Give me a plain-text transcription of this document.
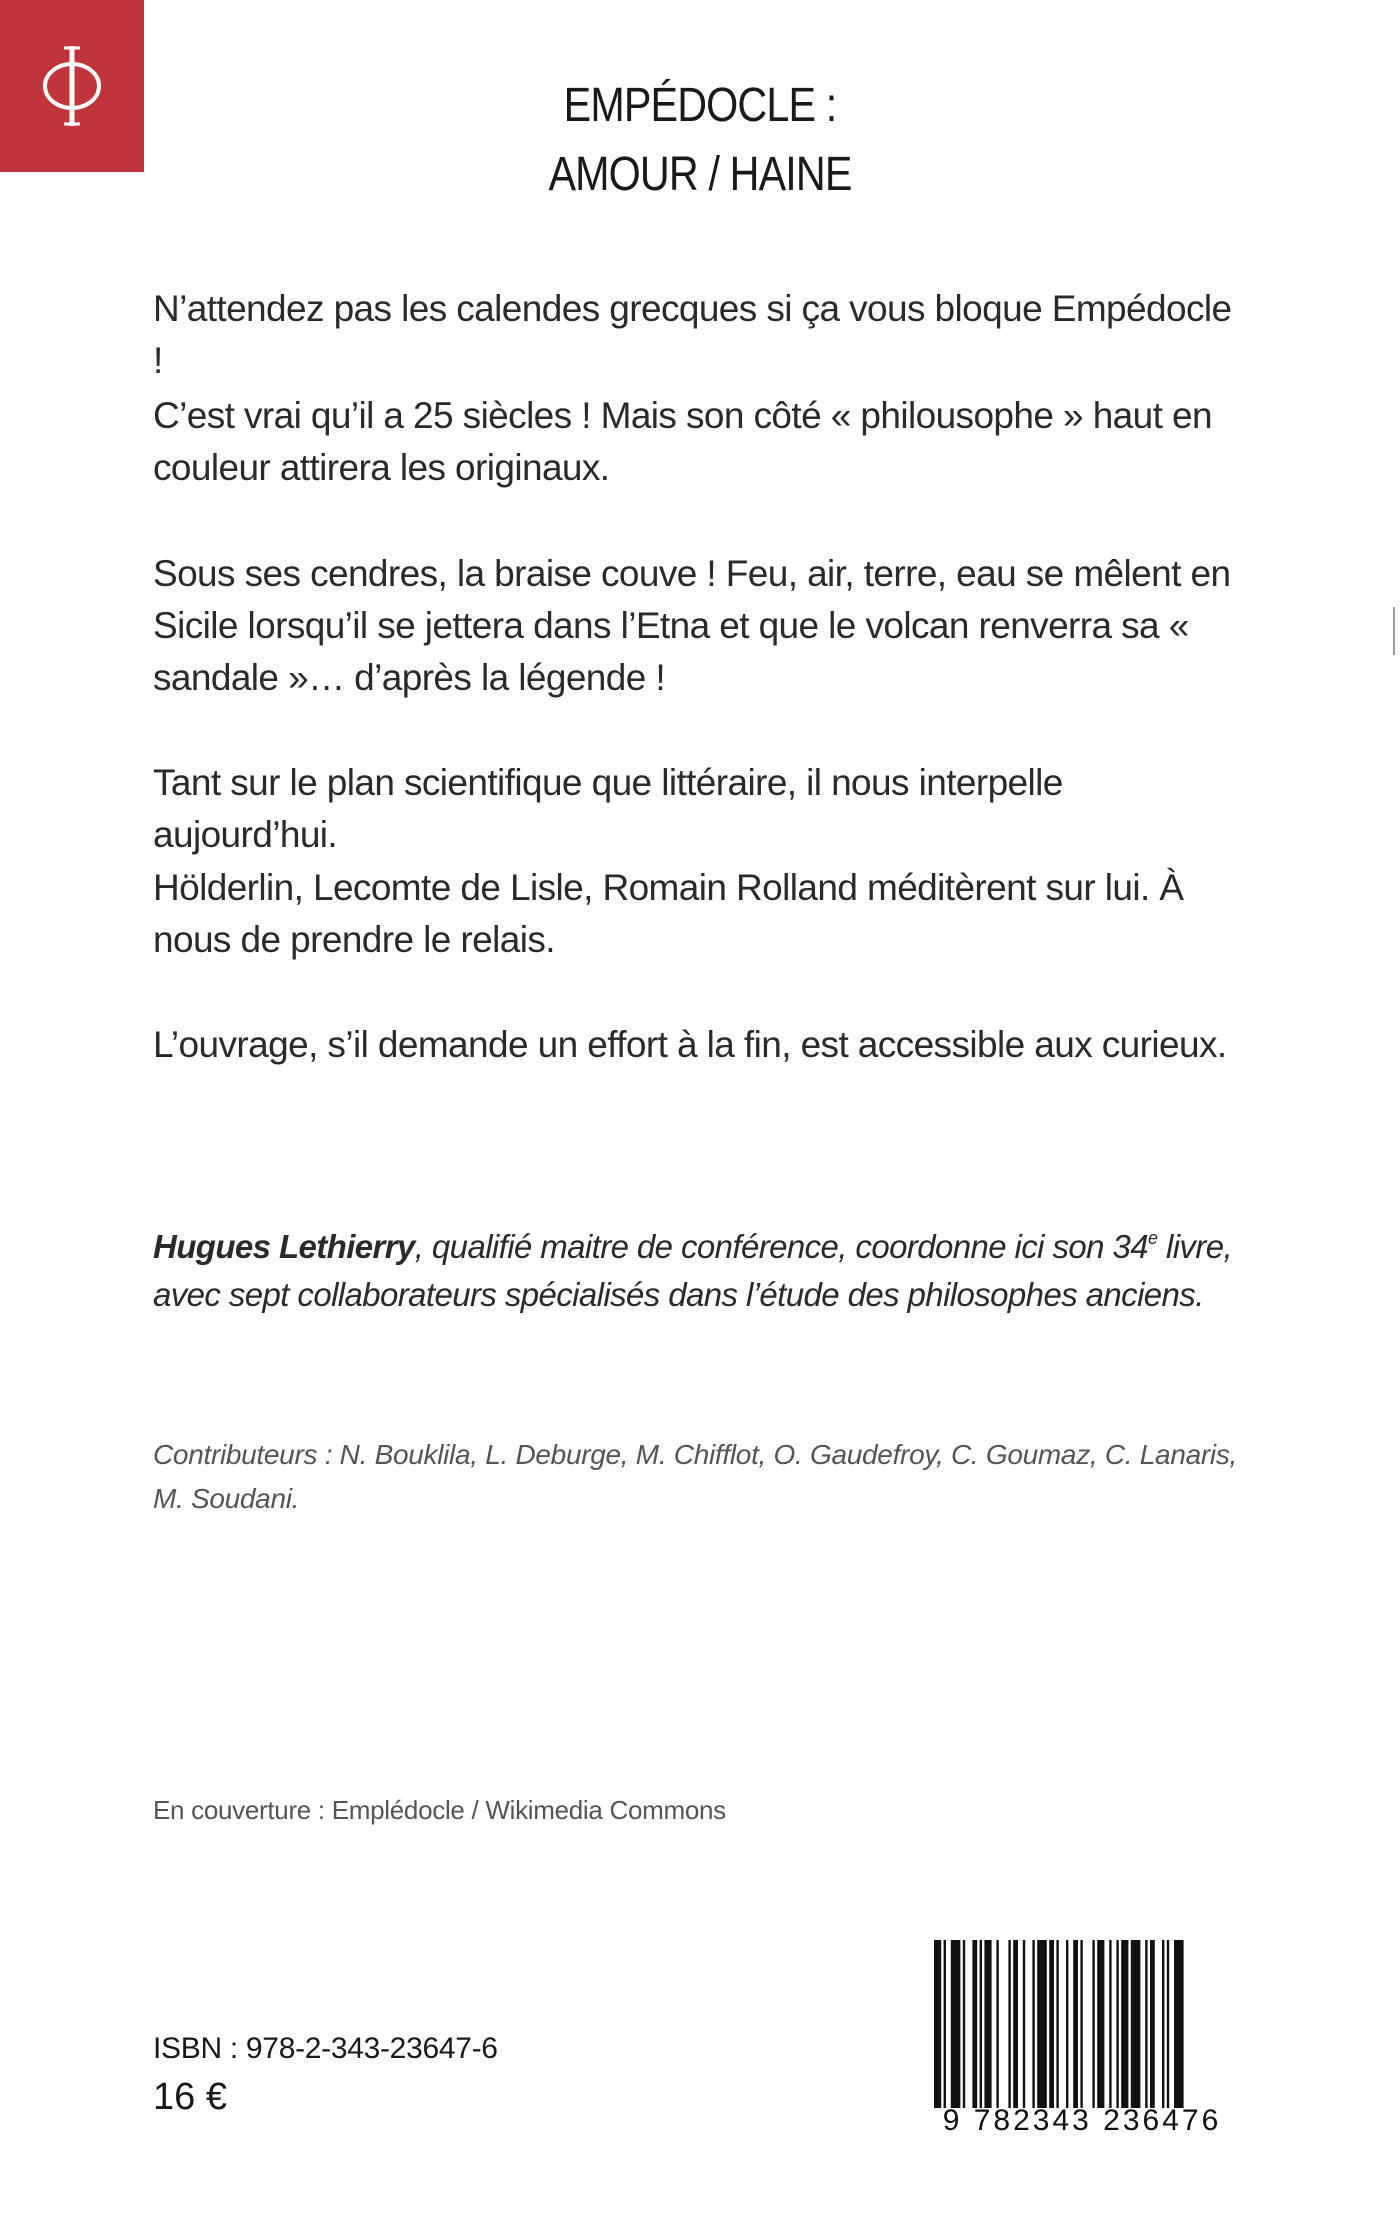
EMPÉDOCLE :
AMOUR / HAINE

N’attendez pas les calendes grecques si ça vous bloque Empédocle !

C’est vrai qu’il a 25 siècles ! Mais son côté « philousophe » haut en couleur attirera les originaux.

Sous ses cendres, la braise couve ! Feu, air, terre, eau se mêlent en Sicile lorsqu’il se jettera dans l’Etna et que le volcan renverra sa « sandale »… d’après la légende !

Tant sur le plan scientifique que littéraire, il nous interpelle aujourd’hui.

Hölderlin, Lecomte de Lisle, Romain Rolland méditèrent sur lui. À nous de prendre le relais.

L’ouvrage, s’il demande un effort à la fin, est accessible aux curieux.

Hugues Lethierry, qualifié maitre de conférence, coordonne ici son 34e livre, avec sept collaborateurs spécialisés dans l’étude des philosophes anciens.

Contributeurs : N. Bouklila, L. Deburge, M. Chifflot, O. Gaudefroy, C. Goumaz, C. Lanaris, M. Soudani.

En couverture : Emplédocle / Wikimedia Commons
ISBN : 978-2-343-23647-6
16 €
9 782343 236476
